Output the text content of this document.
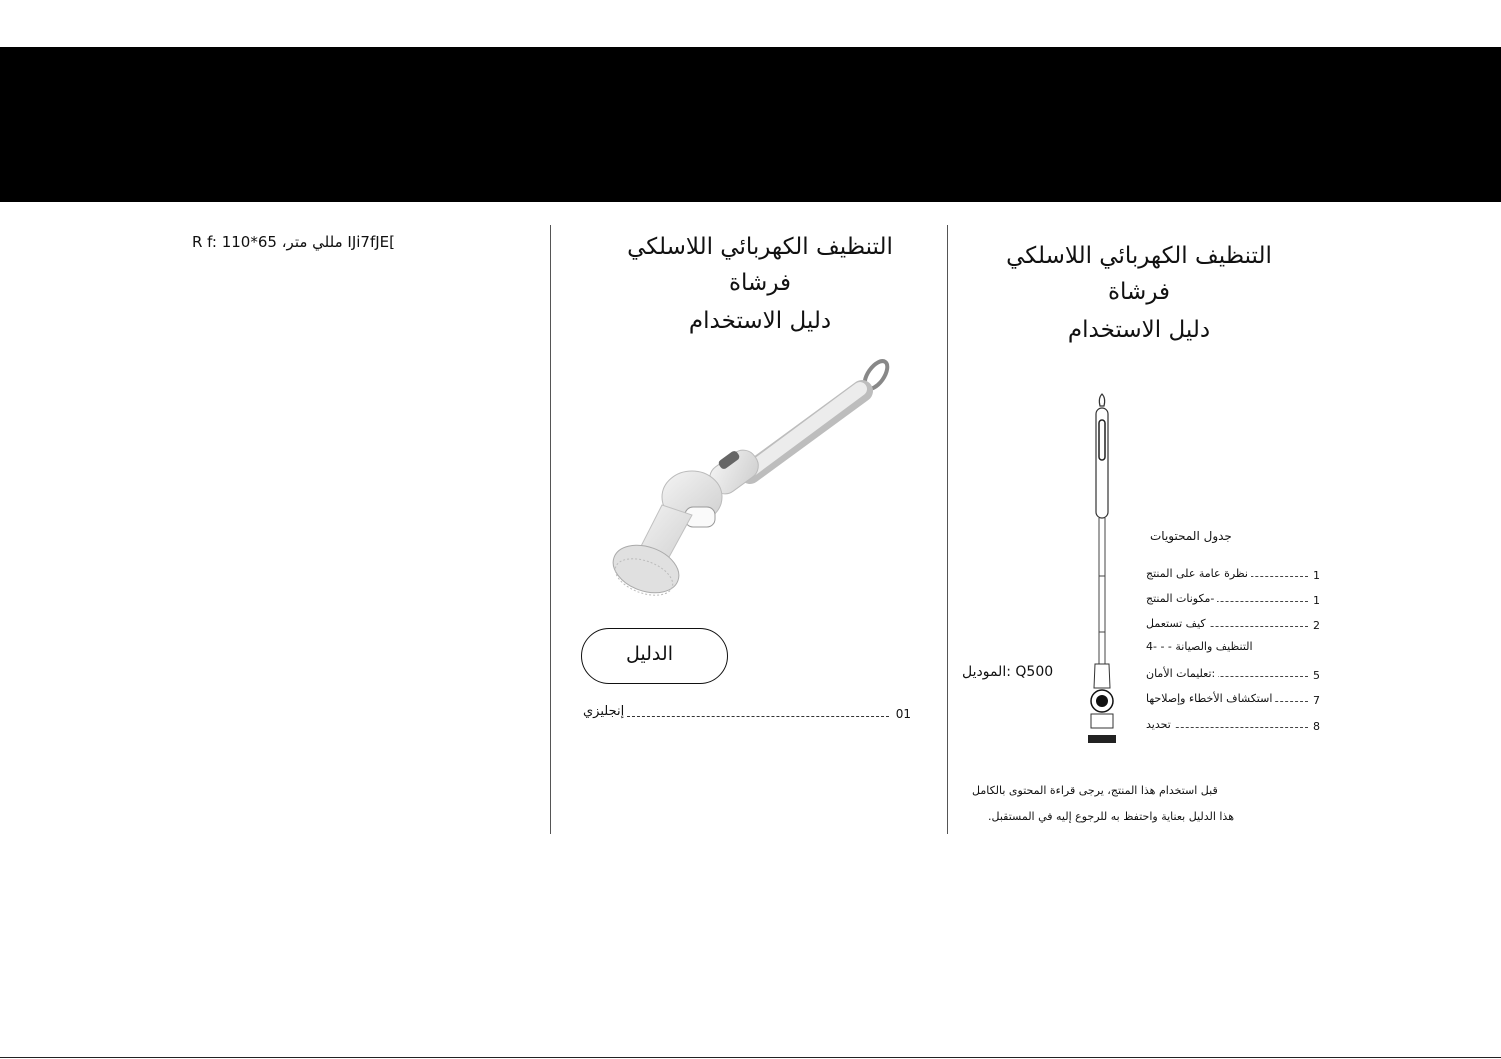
R f: 110*65 ،مللي متر IJi7fJE[	التنظيف الكهربائي اللاسلكي
فرشاة
دليل الاستخدام
الدليل
إنجليزي	01
التنظيف الكهربائي اللاسلكي
فرشاة
دليل الاستخدام
الموديل: Q500
جدول المحتويات
نظرة عامة على المنتج	1
مكونات المنتج-	1
كيف تستعمل	2
التنظيف والصيانة - - -4
تعليمات الأمان:	5
استكشاف الأخطاء وإصلاحها	7
تحديد	8
قبل استخدام هذا المنتج، يرجى قراءة المحتوى بالكامل
.هذا الدليل بعناية واحتفظ به للرجوع إليه في المستقبل
